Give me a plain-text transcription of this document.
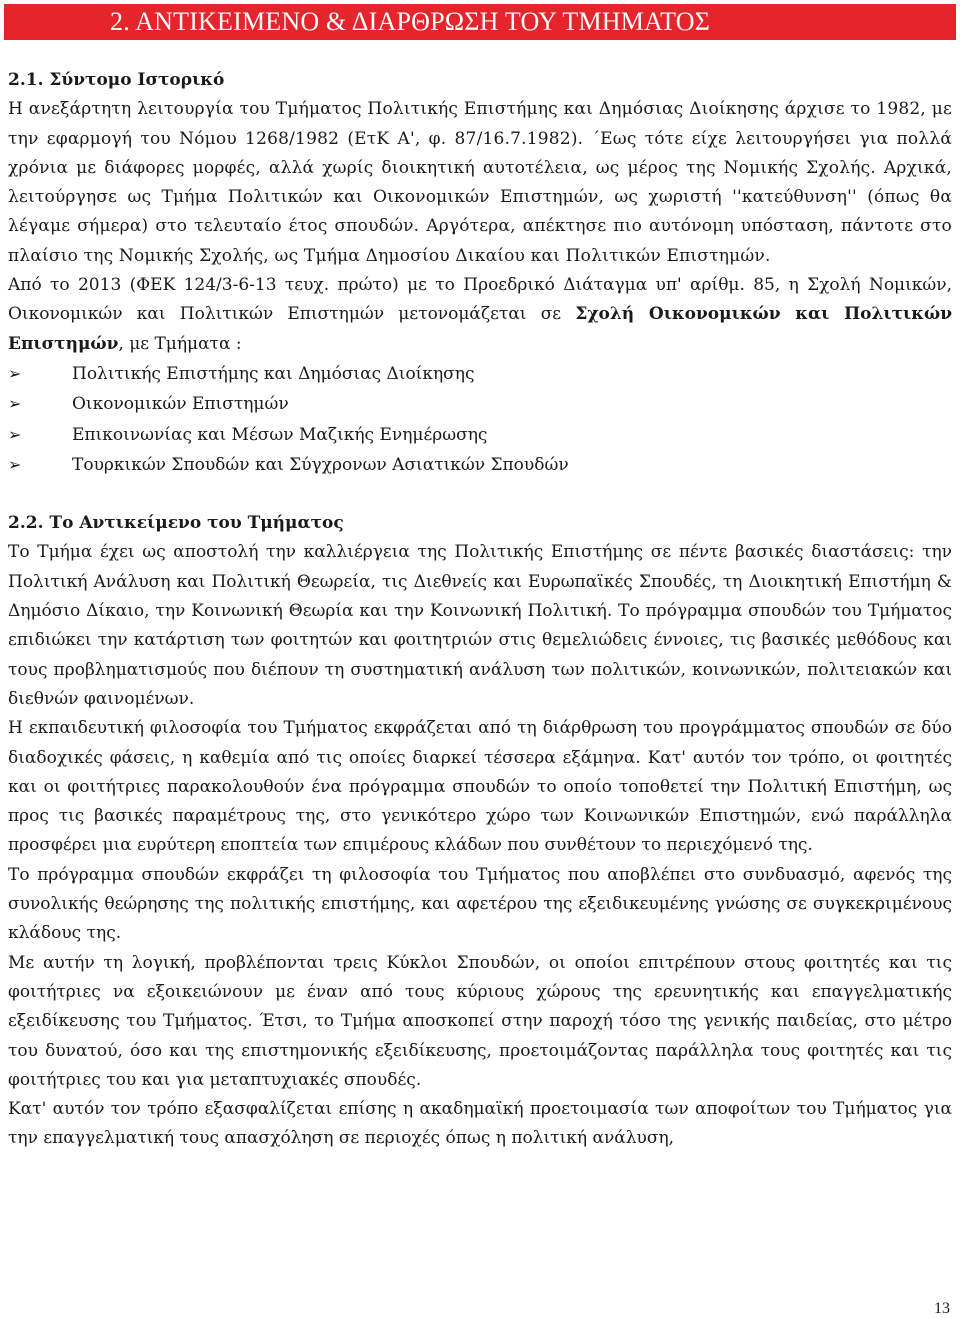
2. ΑΝΤΙΚΕΙΜΕΝΟ & ΔΙΑΡΘΡΩΣΗ ΤΟΥ ΤΜΗΜΑΤΟΣ
2.1. Σύντομο Ιστορικό
Η ανεξάρτητη λειτουργία του Τμήματος Πολιτικής Επιστήμης και Δημόσιας Διοίκησης άρχισε το 1982, με την εφαρμογή του Νόμου 1268/1982 (ΕτΚ Α', φ. 87/16.7.1982). ΄Εως τότε είχε λειτουργήσει για πολλά χρόνια με διάφορες μορφές, αλλά χωρίς διοικητική αυτοτέλεια, ως μέρος της Νομικής Σχολής. Αρχικά, λειτούργησε ως Τμήμα Πολιτικών και Οικονομικών Επιστημών, ως χωριστή ''κατεύθυνση'' (όπως θα λέγαμε σήμερα) στο τελευταίο έτος σπουδών. Αργότερα, απέκτησε πιο αυτόνομη υπόσταση, πάντοτε στο πλαίσιο της Νομικής Σχολής, ως Τμήμα Δημοσίου Δικαίου και Πολιτικών Επιστημών.
Από το 2013 (ΦΕΚ 124/3-6-13 τευχ. πρώτο) με το Προεδρικό Διάταγμα υπ' αρίθμ. 85, η Σχολή Νομικών, Οικονομικών και Πολιτικών Επιστημών μετονομάζεται σε Σχολή Οικονομικών και Πολιτικών Επιστημών, με Τμήματα :
➢	Πολιτικής Επιστήμης και Δημόσιας Διοίκησης
➢	Οικονομικών Επιστημών
➢	Επικοινωνίας και Μέσων Μαζικής Ενημέρωσης
➢	Τουρκικών Σπουδών και Σύγχρονων Ασιατικών Σπουδών
2.2. Το Αντικείμενο του Τμήματος
Το Τμήμα έχει ως αποστολή την καλλιέργεια της Πολιτικής Επιστήμης σε πέντε βασικές διαστάσεις: την Πολιτική Ανάλυση και Πολιτική Θεωρεία, τις Διεθνείς και Ευρωπαϊκές Σπουδές, τη Διοικητική Επιστήμη & Δημόσιο Δίκαιο, την Κοινωνική Θεωρία και την Κοινωνική Πολιτική. Το πρόγραμμα σπουδών του Τμήματος επιδιώκει την κατάρτιση των φοιτητών και φοιτητριών στις θεμελιώδεις έννοιες, τις βασικές μεθόδους και τους προβληματισμούς που διέπουν τη συστηματική ανάλυση των πολιτικών, κοινωνικών, πολιτειακών και διεθνών φαινομένων.
Η εκπαιδευτική φιλοσοφία του Τμήματος εκφράζεται από τη διάρθρωση του προγράμματος σπουδών σε δύο διαδοχικές φάσεις, η καθεμία από τις οποίες διαρκεί τέσσερα εξάμηνα. Κατ' αυτόν τον τρόπο, οι φοιτητές και οι φοιτήτριες παρακολουθούν ένα πρόγραμμα σπουδών το οποίο τοποθετεί την Πολιτική Επιστήμη, ως προς τις βασικές παραμέτρους της, στο γενικότερο χώρο των Κοινωνικών Επιστημών, ενώ παράλληλα προσφέρει μια ευρύτερη εποπτεία των επιμέρους κλάδων που συνθέτουν το περιεχόμενό της.
Το πρόγραμμα σπουδών εκφράζει τη φιλοσοφία του Τμήματος που αποβλέπει στο συνδυασμό, αφενός της συνολικής θεώρησης της πολιτικής επιστήμης, και αφετέρου της εξειδικευμένης γνώσης σε συγκεκριμένους κλάδους της.
Με αυτήν τη λογική, προβλέπονται τρεις Κύκλοι Σπουδών, οι οποίοι επιτρέπουν στους φοιτητές και τις φοιτήτριες να εξοικειώνουν με έναν από τους κύριους χώρους της ερευνητικής και επαγγελματικής εξειδίκευσης του Τμήματος. Έτσι, το Τμήμα αποσκοπεί στην παροχή τόσο της γενικής παιδείας, στο μέτρο του δυνατού, όσο και της επιστημονικής εξειδίκευσης, προετοιμάζοντας παράλληλα τους φοιτητές και τις φοιτήτριες του και για μεταπτυχιακές σπουδές.
Κατ' αυτόν τον τρόπο εξασφαλίζεται επίσης η ακαδημαϊκή προετοιμασία των αποφοίτων του Τμήματος για την επαγγελματική τους απασχόληση σε περιοχές όπως η πολιτική ανάλυση,
13
